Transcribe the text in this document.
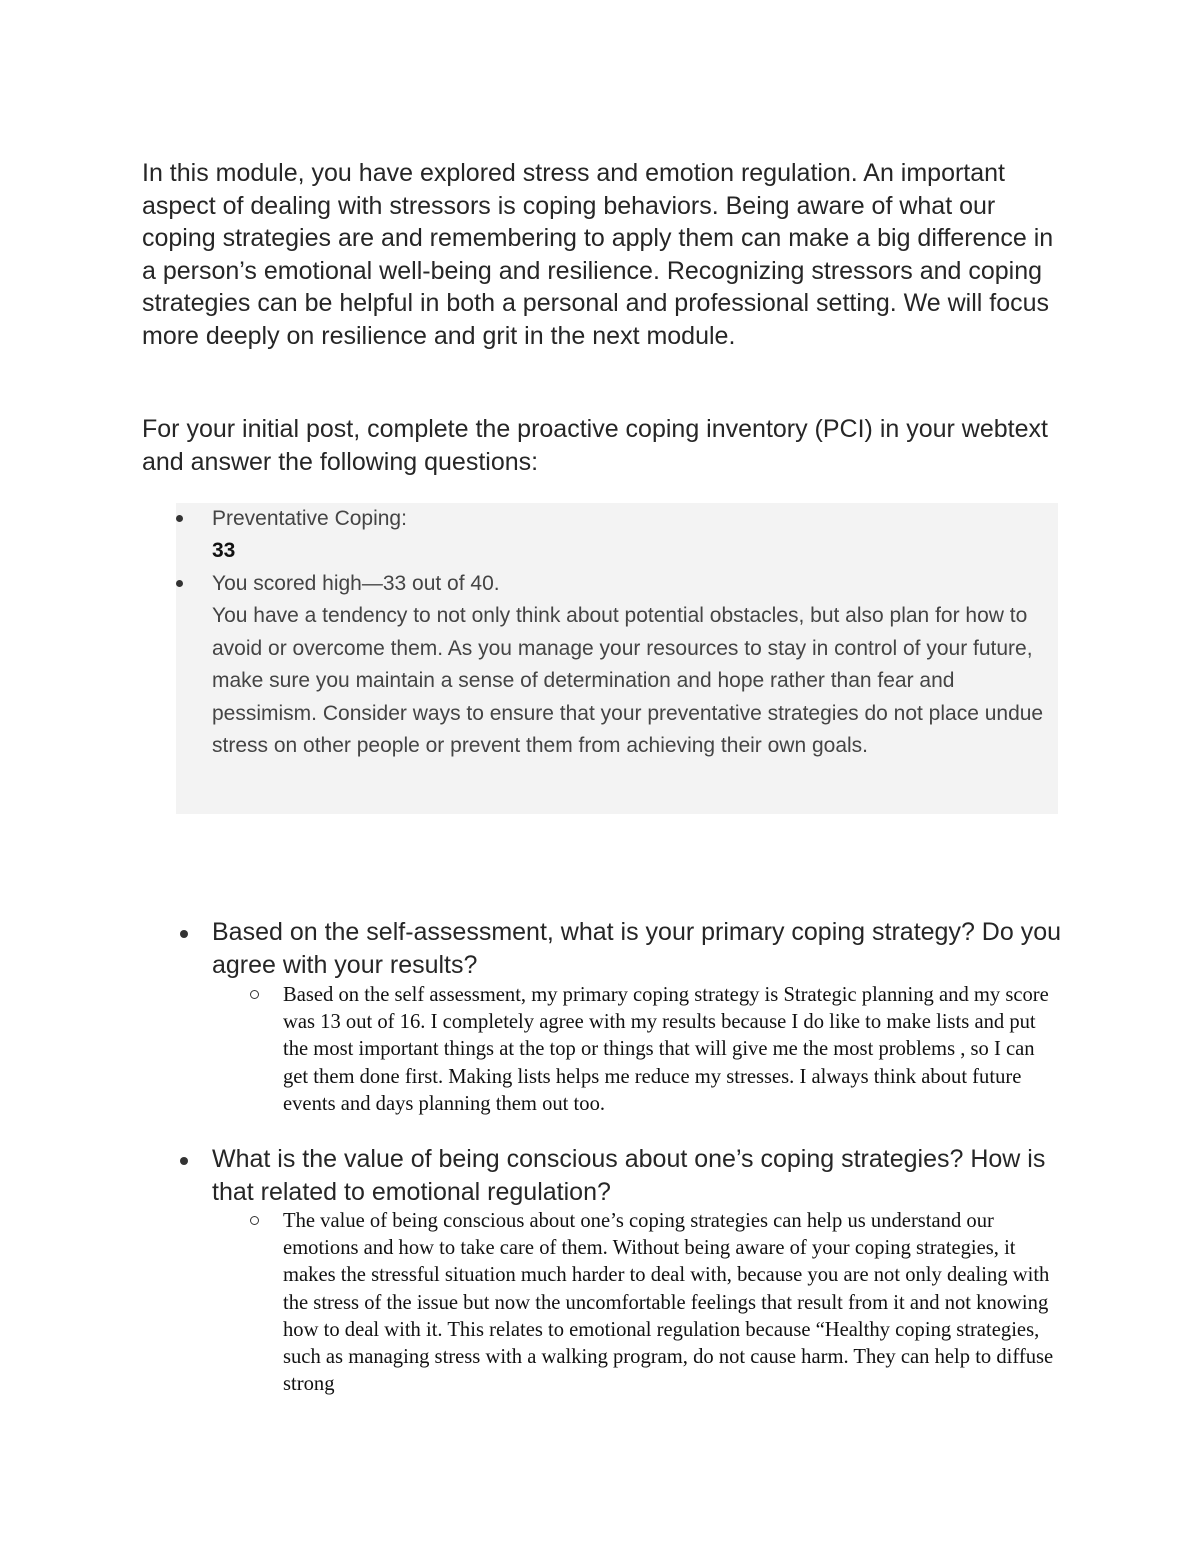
In this module, you have explored stress and emotion regulation. An important aspect of dealing with stressors is coping behaviors. Being aware of what our coping strategies are and remembering to apply them can make a big difference in a person’s emotional well-being and resilience. Recognizing stressors and coping strategies can be helpful in both a personal and professional setting. We will focus more deeply on resilience and grit in the next module.

For your initial post, complete the proactive coping inventory (PCI) in your webtext and answer the following questions:

Preventative Coping:

33

You scored high—33 out of 40.

You have a tendency to not only think about potential obstacles, but also plan for how to avoid or overcome them. As you manage your resources to stay in control of your future, make sure you maintain a sense of determination and hope rather than fear and pessimism. Consider ways to ensure that your preventative strategies do not place undue stress on other people or prevent them from achieving their own goals.

Based on the self-assessment, what is your primary coping strategy? Do you agree with your results?

Based on the self assessment, my primary coping strategy is Strategic planning and my score was 13 out of 16. I completely agree with my results because I do like to make lists and put the most important things at the top or things that will give me the most problems , so I can get them done first. Making lists helps me reduce my stresses. I always think about future events and days planning them out too.

What is the value of being conscious about one’s coping strategies? How is that related to emotional regulation?

The value of being conscious about one’s coping strategies can help us understand our emotions and how to take care of them. Without being aware of your coping strategies, it makes the stressful situation much harder to deal with, because you are not only dealing with the stress of the issue but now the uncomfortable feelings that result from it and not knowing how to deal with it. This relates to emotional regulation because “Healthy coping strategies, such as managing stress with a walking program, do not cause harm. They can help to diffuse strong
